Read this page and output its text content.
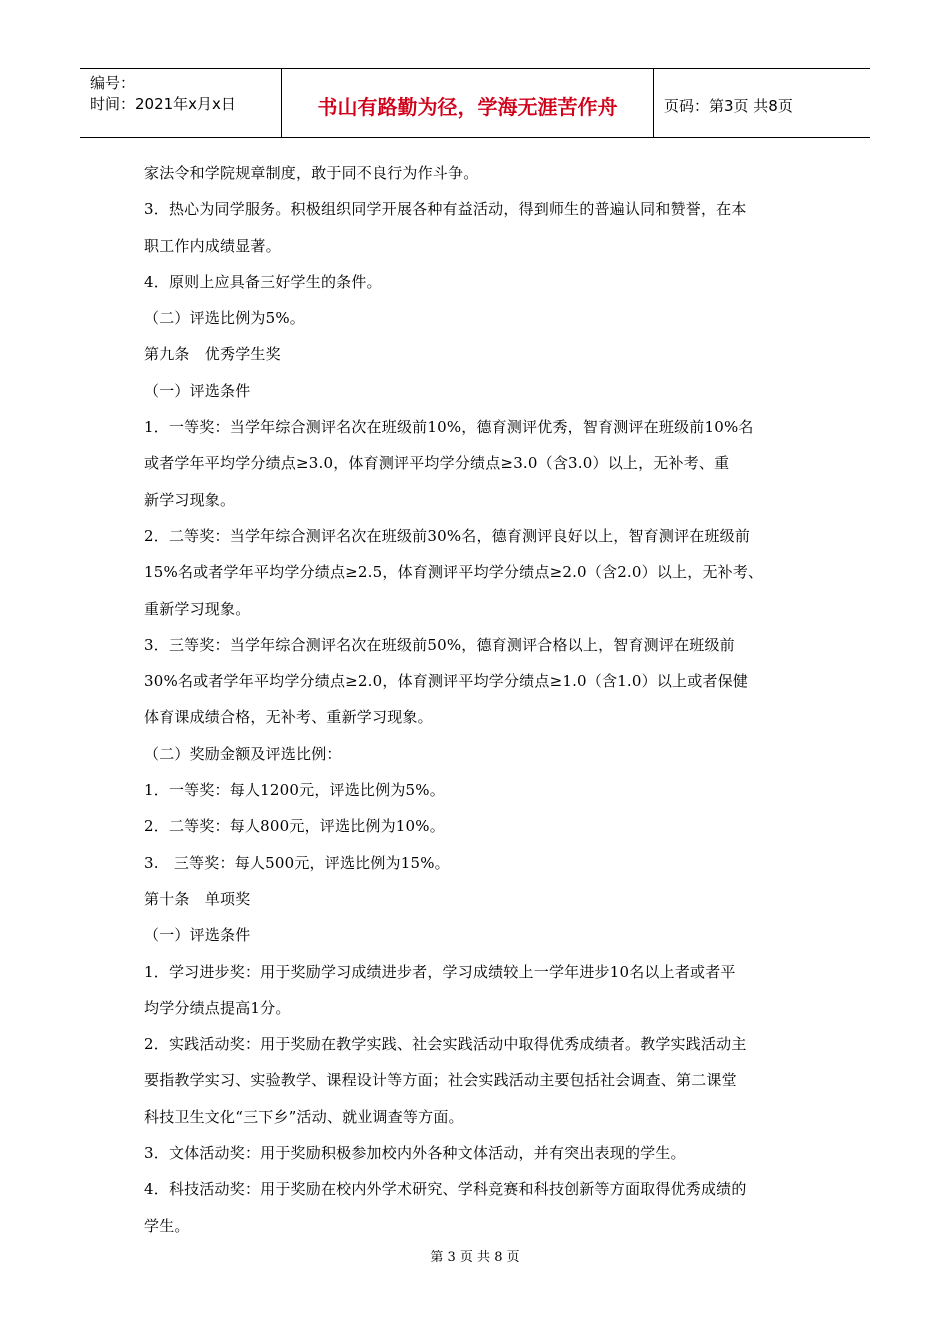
编号：
时间：2021年x月x日	书山有路勤为径，学海无涯苦作舟	页码：第3页 共8页
家法令和学院规章制度，敢于同不良行为作斗争。
3．热心为同学服务。积极组织同学开展各种有益活动，得到师生的普遍认同和赞誉，在本
职工作内成绩显著。
4．原则上应具备三好学生的条件。
（二）评选比例为5%。
第九条　优秀学生奖
（一）评选条件
1．一等奖：当学年综合测评名次在班级前10%，德育测评优秀，智育测评在班级前10%名
或者学年平均学分绩点≥3.0，体育测评平均学分绩点≥3.0（含3.0）以上，无补考、重
新学习现象。
2．二等奖：当学年综合测评名次在班级前30%名，德育测评良好以上，智育测评在班级前
15%名或者学年平均学分绩点≥2.5，体育测评平均学分绩点≥2.0（含2.0）以上，无补考、
重新学习现象。
3．三等奖：当学年综合测评名次在班级前50%，德育测评合格以上，智育测评在班级前
30%名或者学年平均学分绩点≥2.0，体育测评平均学分绩点≥1.0（含1.0）以上或者保健
体育课成绩合格，无补考、重新学习现象。
（二）奖励金额及评选比例：
1．一等奖：每人1200元，评选比例为5%。
2．二等奖：每人800元，评选比例为10%。
3.　三等奖：每人500元，评选比例为15%。
第十条　单项奖
（一）评选条件
1．学习进步奖：用于奖励学习成绩进步者，学习成绩较上一学年进步10名以上者或者平
均学分绩点提高1分。
2．实践活动奖：用于奖励在教学实践、社会实践活动中取得优秀成绩者。教学实践活动主
要指教学实习、实验教学、课程设计等方面；社会实践活动主要包括社会调查、第二课堂
科技卫生文化“三下乡”活动、就业调查等方面。
3．文体活动奖：用于奖励积极参加校内外各种文体活动，并有突出表现的学生。
4．科技活动奖：用于奖励在校内外学术研究、学科竞赛和科技创新等方面取得优秀成绩的
学生。
第 3 页 共 8 页
